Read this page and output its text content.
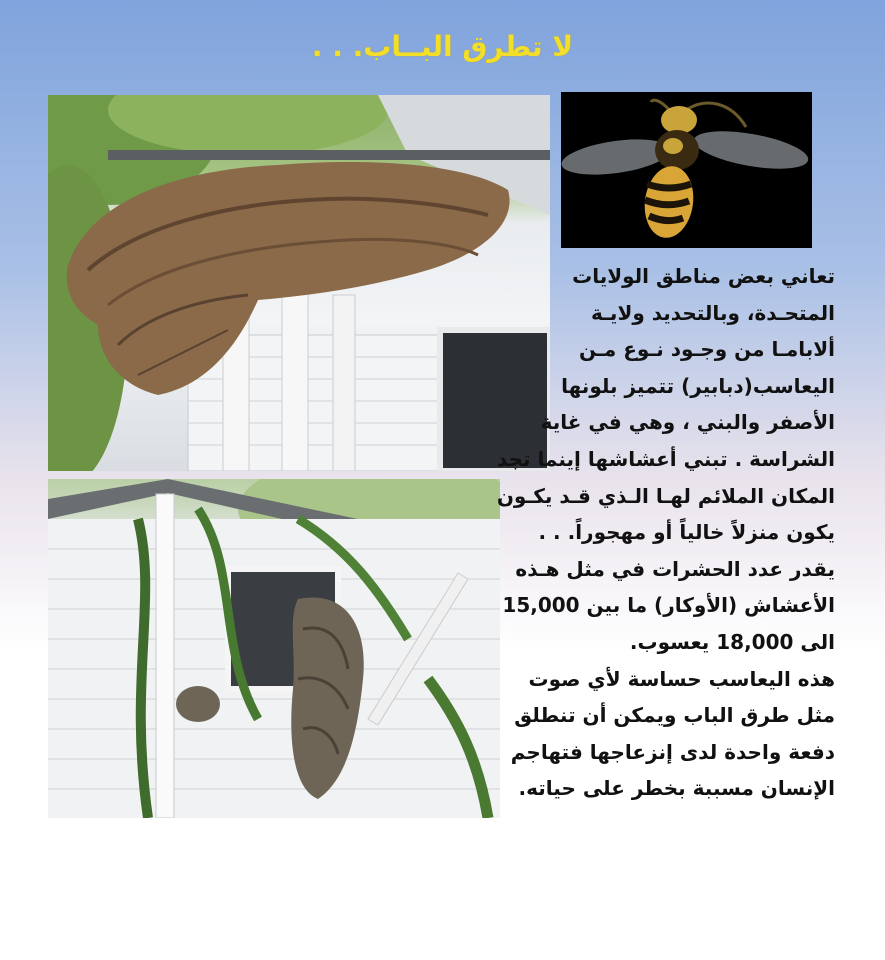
لا تطرق البــاب. . .
تعاني بعض مناطق الولايات
المتحـدة، وبالتحديد ولايـة
ألابامـا من وجـود نـوع مـن
اليعاسب(دبابير) تتميز بلونها
الأصفر والبني ، وهي في غاية
الشراسة . تبني أعشاشها إينما تجد
المكان الملائم لهـا الـذي قـد يكـون
يكون منزلاً خالياً أو مهجوراً. . .
يقدر عدد الحشرات في مثل هـذه
الأعشاش (الأوكار) ما بين 15,000
الى 18,000 يعسوب.
هذه اليعاسب حساسة لأي صوت
مثل طرق الباب ويمكن أن تنطلق
دفعة واحدة لدى إنزعاجها فتهاجم
الإنسان مسببة بخطر على حياته.
